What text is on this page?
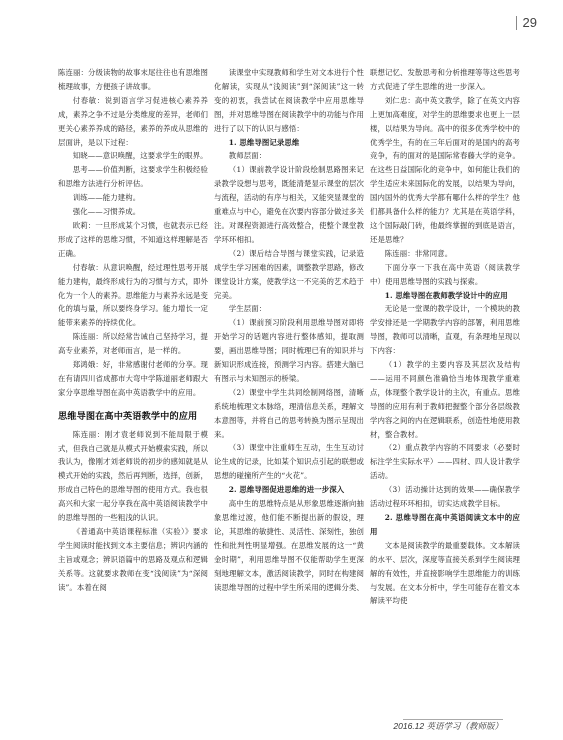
29

陈连丽：分级读物的故事末尾往往也有思维图梳理故事，方便孩子讲故事。

付春敏：说到语言学习促进核心素养养成，素养之争不过是分类维度的差异，老师们更关心素养养成的路径，素养的养成从思维的层面讲，是以下过程：

知晓——意识唤醒，这要求学生的眼界。

思考——价值判断，这要求学生积极经验和思维方法进行分析评估。

训练——能力建构。

强化——习惯养成。

欧莉：一旦形成某个习惯，也就表示已经形成了这样的思维习惯，不知道这样理解是否正确。

付春敏：从意识唤醒，经过理性思考开展能力建构，最终形成行为的习惯与方式，即外化为一个人的素养。思维能力与素养永远是变化的填与量，所以要终身学习。能力增长一定能带来素养的持续优化。

陈连丽：所以经常告诫自己坚持学习，提高专业素养，对老师而言，是一样的。

郑鸿娥：好，非常感谢付老师的分享。现在有请四川省成都市大弯中学陈道丽老师跟大家分享思维导图在高中英语教学中的应用。

思维导图在高中英语教学中的应用

陈连丽：刚才袁老师说到不能局限于模式，但我自己就是从模式开始模索实践，所以我认为，像刚才刘老师说的初步的感知就是从模式开始的实践，然后再判断，选择，创新，形成自己特色的思维导图的使用方式。我也很高兴和大家一起分享我在高中英语阅读教学中的思维导图的一些粗浅的认识。

《普通高中英语课程标准（实验）》要求学生阅读时能找到文本主要信息；辨识内涵的主旨或观念；辨识语篇中的思路及观点和逻辑关系等。这就要求教师在变“浅阅读”为“深阅读”。本着在阅

读课堂中实现教师和学生对文本进行个性化解读，实现从“浅阅读”到“深阅读”这一转变的初衷，我尝试在阅读教学中应用思维导图，并对思维导图在阅读教学中的功能与作用进行了以下的认识与感悟：

1. 思维导图记录思维

教师层面：

（1）课前教学设计阶段绘制思路图来记录教学设想与思考，既能清楚显示课堂的层次与流程，活动的有序与相关，又能突显课堂的重难点与中心，避免在次要内容部分做过多关注。对课程资源进行高效整合，使整个课堂教学环环相扣。

（2）课后结合导图与课堂实践，记录造成学生学习困难的因素，调整教学思路，修改课堂设计方案，使教学这一不完美的艺术趋于完美。

学生层面：

（1）课前预习阶段利用思维导图对即将开始学习的话题内容进行整体感知，提取测要，画出思维导图；同时梳理已有的知识并与新知识形成连接，预测学习内容。搭建大脑已有图示与未知图示的桥梁。

（2）课堂中学生共同绘制网络图，清晰系统地梳理文本脉络，理清信息关系，理解文本意图等，并将自己的思考转换为图示呈现出来。

（3）课堂中注重师生互动，生生互动讨论生成的记录，比如某个知识点引起的联想或思想的碰撞所产生的“火花”。

2. 思维导图促进思维的进一步深入

高中生的思维特点是从形象思维逐渐向抽象思维过渡，他们能不断提出新的假设，理论，其思维的敏捷性、灵活性、深刻性，独创性和批判性明显增强。在思维发展的这一“黄金时期”，利用思维导图不仅能帮助学生更深刻地理解文本，激活阅读教学，同时在构建阅读思维导图的过程中学生所采用的逻辑分类、

联想记忆、发散思考和分析推理等等这些思考方式促进了学生思维的进一步深入。

刘仁忠：高中英文教学，除了在英文内容上更加高难度，对学生的思维要求也更上一层楼，以结果为导向。高中的很多优秀学校中的优秀学生，有的在三年后面对的是国内的高考竞争，有的面对的是国际常春藤大学的竞争。在这些日益国际化的竞争中，如何能让我们的学生适应未来国际化的发展，以结果为导向，国内国外的优秀大学都有哪什么样的学生？他们都具备什么样的能力？尤其是在英语学科，这个国际敲门砖，他最终掌握的到底是语言，还是思维？

陈连丽：非常同意。

下面分享一下我在高中英语（阅读教学中）使用思维导图的实践与探索。

1. 思维导图在教师教学设计中的应用

无论是一堂课的教学设计，一个模块的教学安排还是一学期教学内容的部署，利用思维导图，教师可以清晰，直观，有条理地呈现以下内容：

（1）教学的主要内容及其层次及结构——运用不同颜色准确恰当地体现教学重难点，体现整个教学设计的主次，有重点。思维导图的应用有利于教师把握整个部分各层级教学内容之间的内在逻辑联系，创造性地使用教材，整合教材。

（2）重点教学内容的不同要求（必要时标注学生实际水平）——四材、四人设计教学活动。

（3）活动操计达到的效果——确保教学活动过程环环相扣，切实达成教学目标。

2. 思维导图在高中英语阅读文本中的应用

文本是阅读教学的最重要载体。文本解读的水平、层次，深度等直接关系到学生阅读理解的有效性，并直接影响学生思维能力的训练与发展。在文本分析中，学生可能存在着文本解读平均使

2016.12 英语学习（教师版）
